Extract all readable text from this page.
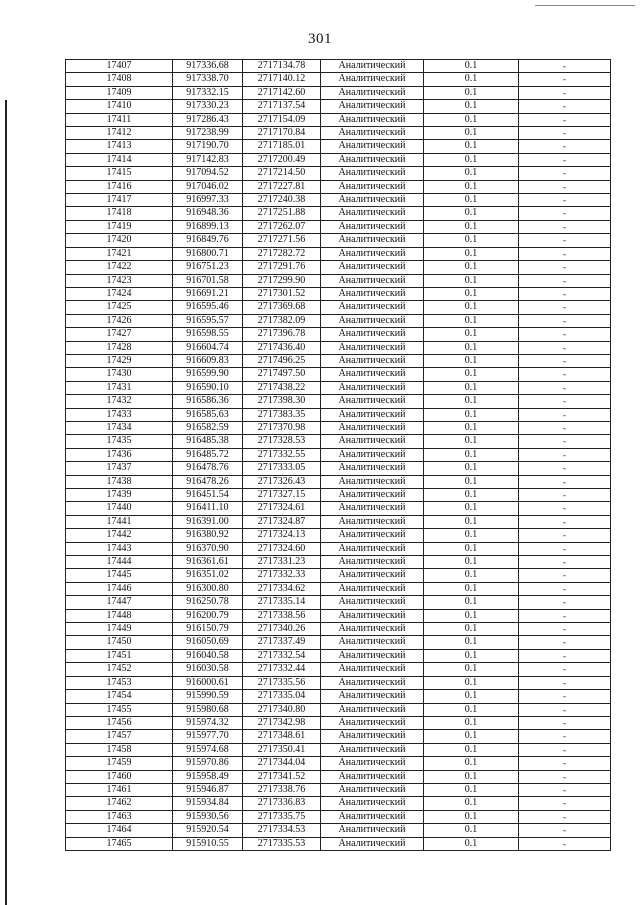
301
17407	917336.68	2717134.78	Аналитический	0.1	-
17408	917338.70	2717140.12	Аналитический	0.1	-
17409	917332.15	2717142.60	Аналитический	0.1	-
17410	917330.23	2717137.54	Аналитический	0.1	-
17411	917286.43	2717154.09	Аналитический	0.1	-
17412	917238.99	2717170.84	Аналитический	0.1	-
17413	917190.70	2717185.01	Аналитический	0.1	-
17414	917142.83	2717200.49	Аналитический	0.1	-
17415	917094.52	2717214.50	Аналитический	0.1	-
17416	917046.02	2717227.81	Аналитический	0.1	-
17417	916997.33	2717240.38	Аналитический	0.1	-
17418	916948.36	2717251.88	Аналитический	0.1	-
17419	916899.13	2717262.07	Аналитический	0.1	-
17420	916849.76	2717271.56	Аналитический	0.1	-
17421	916800.71	2717282.72	Аналитический	0.1	-
17422	916751.23	2717291.76	Аналитический	0.1	-
17423	916701.58	2717299.90	Аналитический	0.1	-
17424	916691.21	2717301.52	Аналитический	0.1	-
17425	916595.46	2717369.68	Аналитический	0.1	-
17426	916595.57	2717382.09	Аналитический	0.1	-
17427	916598.55	2717396.78	Аналитический	0.1	-
17428	916604.74	2717436.40	Аналитический	0.1	-
17429	916609.83	2717496.25	Аналитический	0.1	-
17430	916599.90	2717497.50	Аналитический	0.1	-
17431	916590.10	2717438.22	Аналитический	0.1	-
17432	916586.36	2717398.30	Аналитический	0.1	-
17433	916585.63	2717383.35	Аналитический	0.1	-
17434	916582.59	2717370.98	Аналитический	0.1	-
17435	916485.38	2717328.53	Аналитический	0.1	-
17436	916485.72	2717332.55	Аналитический	0.1	-
17437	916478.76	2717333.05	Аналитический	0.1	-
17438	916478.26	2717326.43	Аналитический	0.1	-
17439	916451.54	2717327.15	Аналитический	0.1	-
17440	916411.10	2717324.61	Аналитический	0.1	-
17441	916391.00	2717324.87	Аналитический	0.1	-
17442	916380.92	2717324.13	Аналитический	0.1	-
17443	916370.90	2717324.60	Аналитический	0.1	-
17444	916361.61	2717331.23	Аналитический	0.1	-
17445	916351.02	2717332.33	Аналитический	0.1	-
17446	916300.80	2717334.62	Аналитический	0.1	-
17447	916250.78	2717335.14	Аналитический	0.1	-
17448	916200.79	2717338.56	Аналитический	0.1	-
17449	916150.79	2717340.26	Аналитический	0.1	-
17450	916050.69	2717337.49	Аналитический	0.1	-
17451	916040.58	2717332.54	Аналитический	0.1	-
17452	916030.58	2717332.44	Аналитический	0.1	-
17453	916000.61	2717335.56	Аналитический	0.1	-
17454	915990.59	2717335.04	Аналитический	0.1	-
17455	915980.68	2717340.80	Аналитический	0.1	-
17456	915974.32	2717342.98	Аналитический	0.1	-
17457	915977.70	2717348.61	Аналитический	0.1	-
17458	915974.68	2717350.41	Аналитический	0.1	-
17459	915970.86	2717344.04	Аналитический	0.1	-
17460	915958.49	2717341.52	Аналитический	0.1	-
17461	915946.87	2717338.76	Аналитический	0.1	-
17462	915934.84	2717336.83	Аналитический	0.1	-
17463	915930.56	2717335.75	Аналитический	0.1	-
17464	915920.54	2717334.53	Аналитический	0.1	-
17465	915910.55	2717335.53	Аналитический	0.1	-
